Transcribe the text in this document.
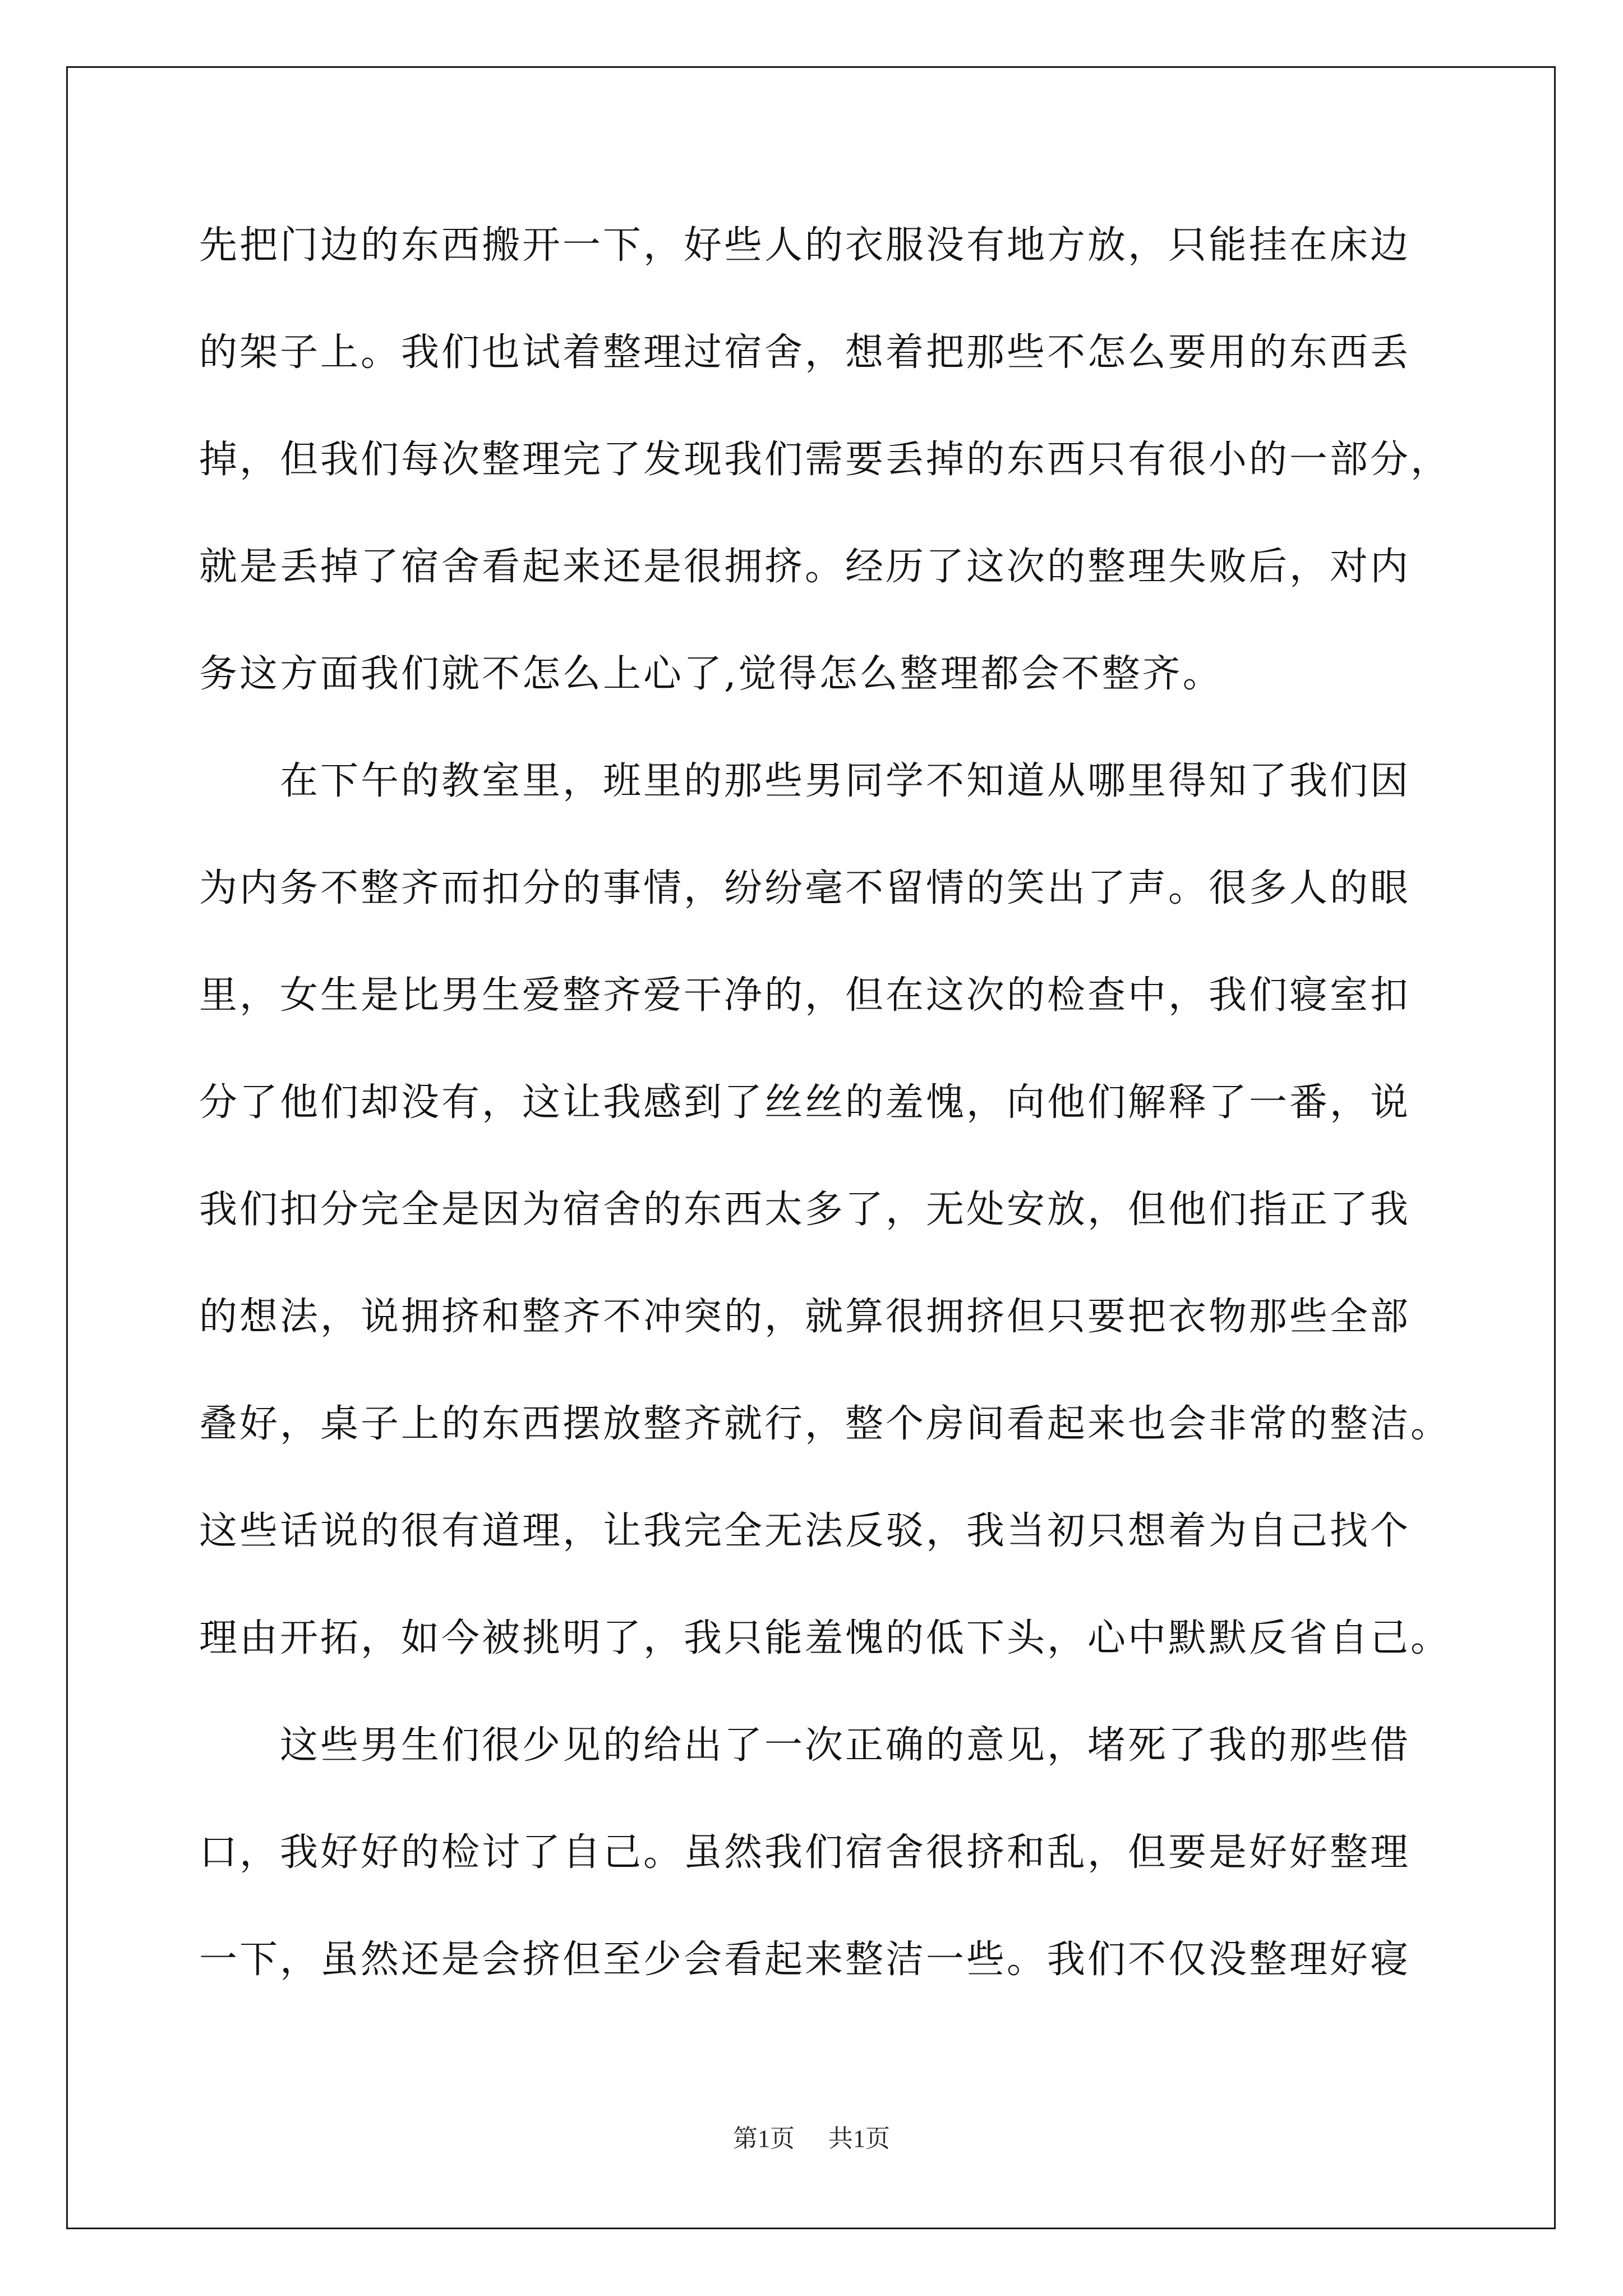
先把门边的东西搬开一下，好些人的衣服没有地方放，只能挂在床边
的架子上。我们也试着整理过宿舍，想着把那些不怎么要用的东西丢
掉，但我们每次整理完了发现我们需要丢掉的东西只有很小的一部分，
就是丢掉了宿舍看起来还是很拥挤。经历了这次的整理失败后，对内
务这方面我们就不怎么上心了,觉得怎么整理都会不整齐。
在下午的教室里，班里的那些男同学不知道从哪里得知了我们因
为内务不整齐而扣分的事情，纷纷毫不留情的笑出了声。很多人的眼
里，女生是比男生爱整齐爱干净的，但在这次的检查中，我们寝室扣
分了他们却没有，这让我感到了丝丝的羞愧，向他们解释了一番，说
我们扣分完全是因为宿舍的东西太多了，无处安放，但他们指正了我
的想法，说拥挤和整齐不冲突的，就算很拥挤但只要把衣物那些全部
叠好，桌子上的东西摆放整齐就行，整个房间看起来也会非常的整洁。
这些话说的很有道理，让我完全无法反驳，我当初只想着为自己找个
理由开拓，如今被挑明了，我只能羞愧的低下头，心中默默反省自己。
这些男生们很少见的给出了一次正确的意见，堵死了我的那些借
口，我好好的检讨了自己。虽然我们宿舍很挤和乱，但要是好好整理
一下，虽然还是会挤但至少会看起来整洁一些。我们不仅没整理好寝
第1页 共1页
